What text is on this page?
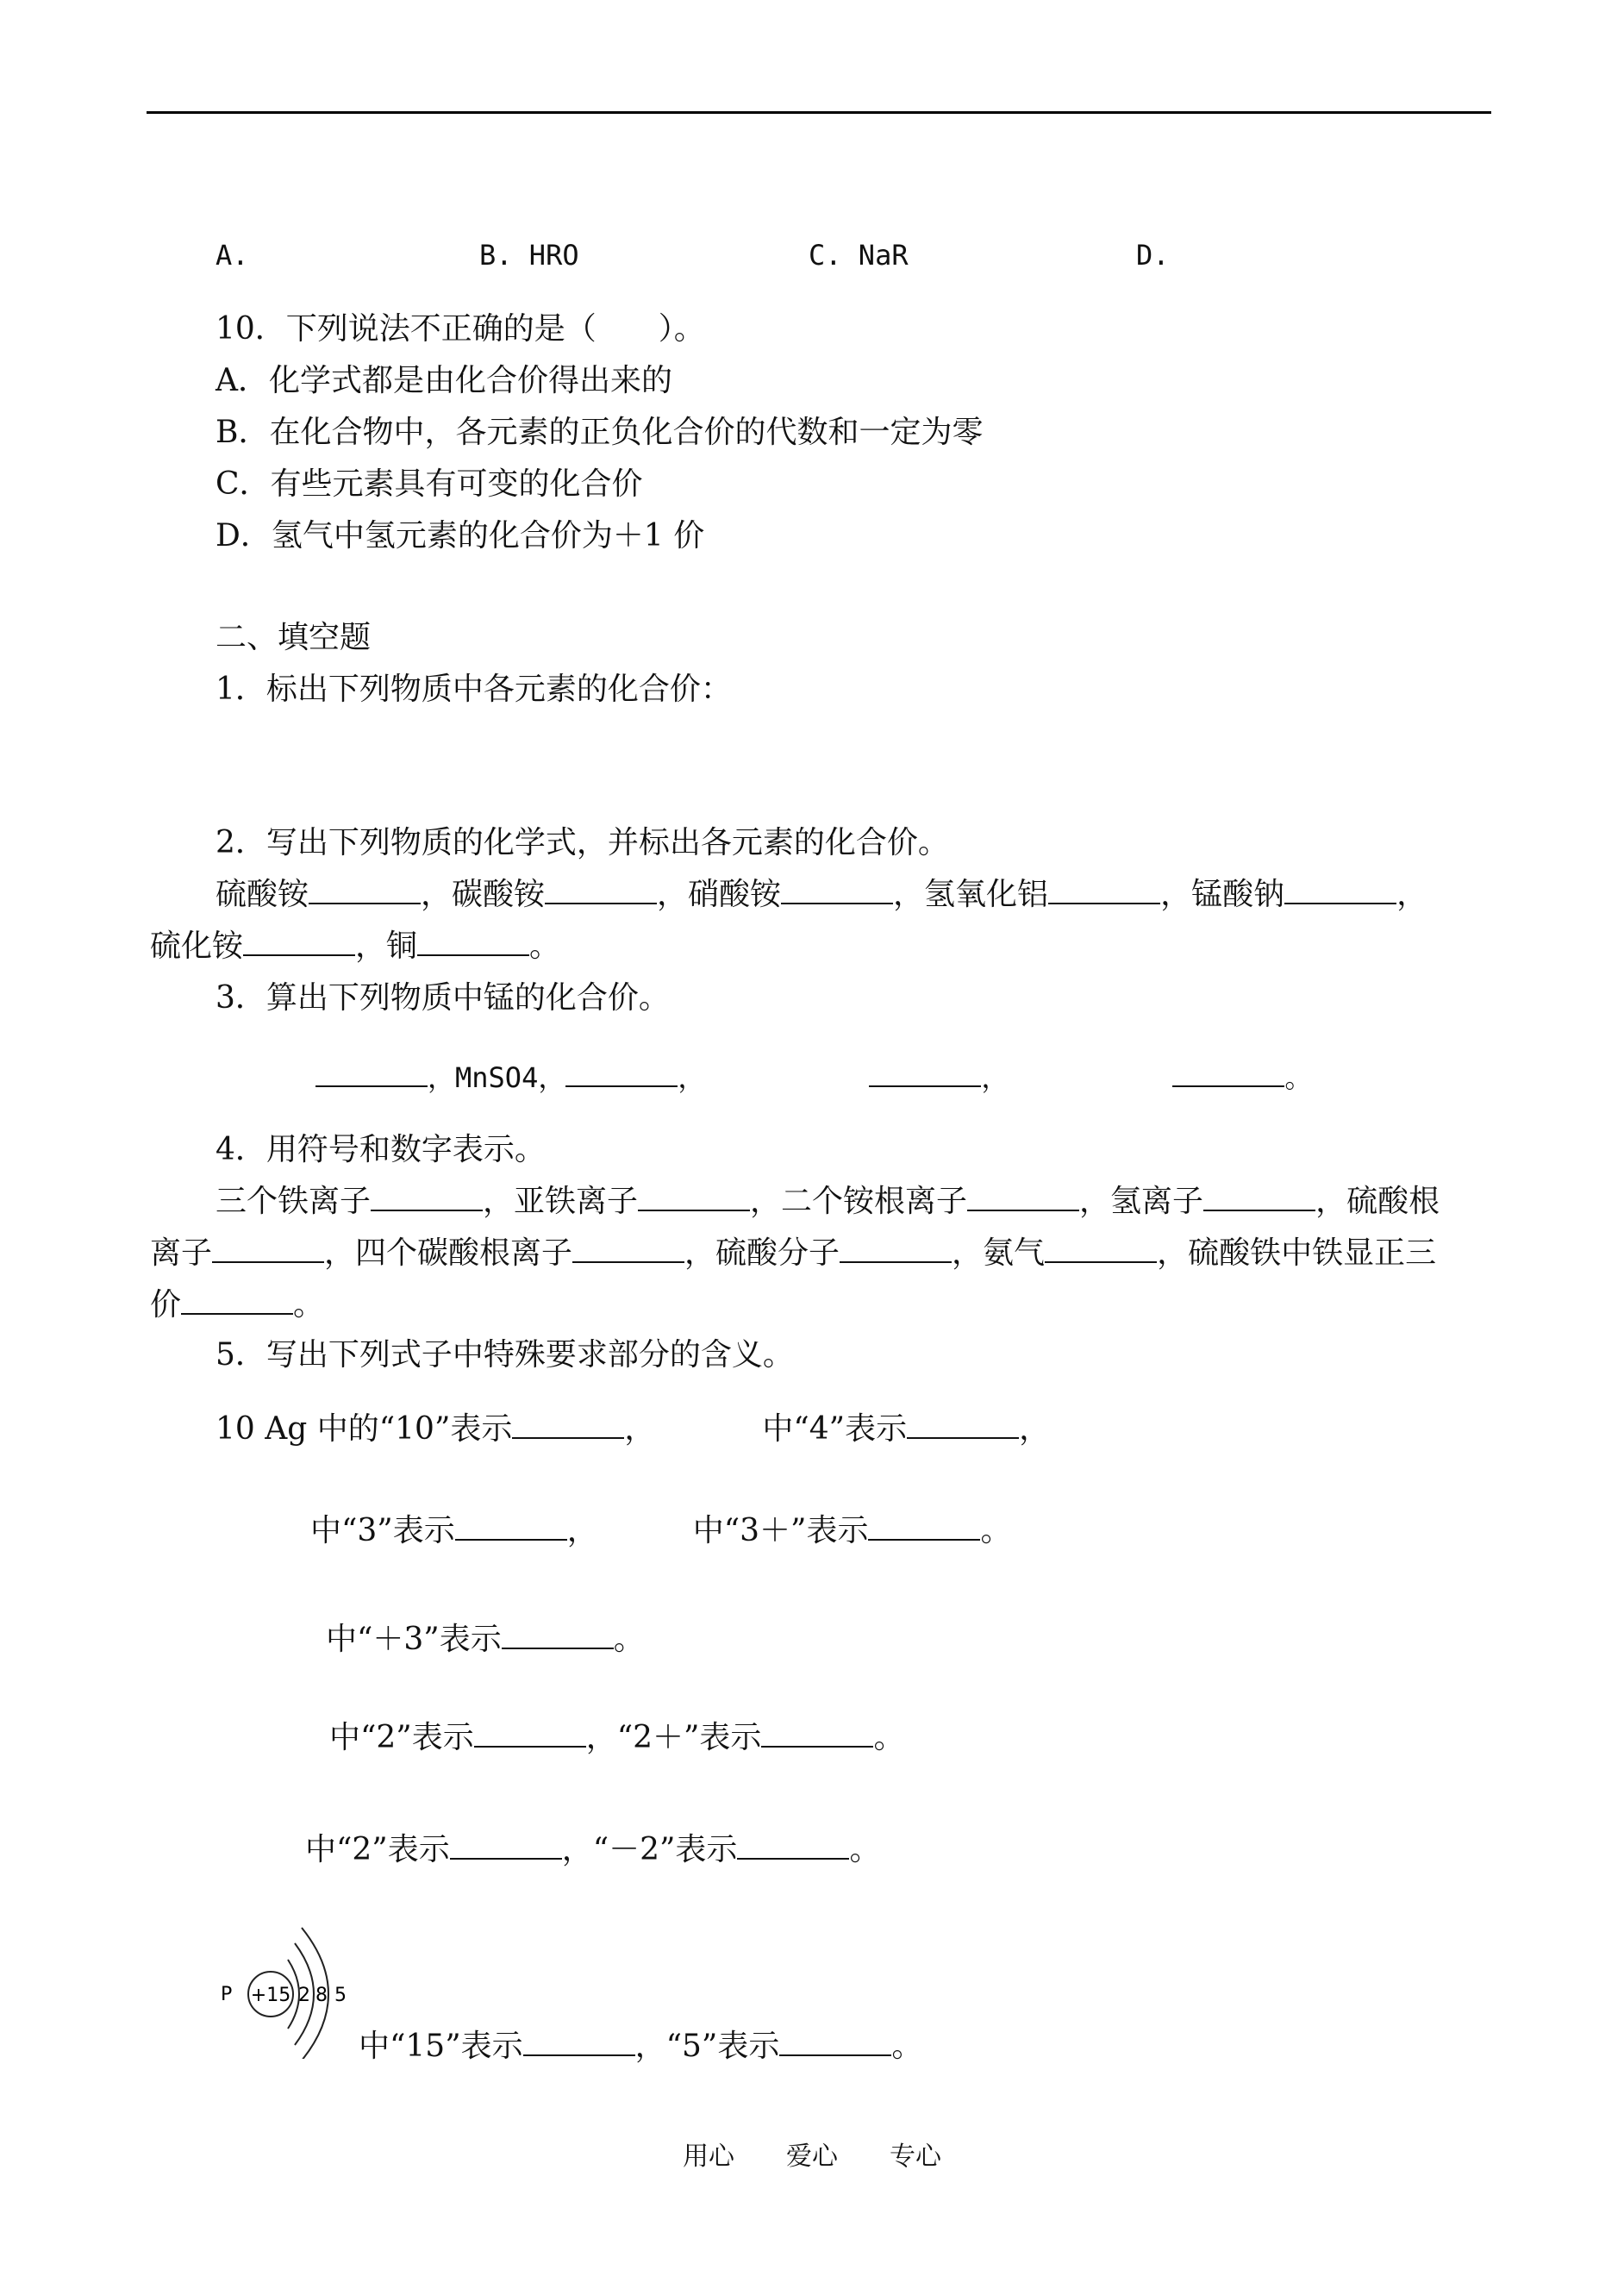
A.	B. HRO	C. NaR	D.
10．下列说法不正确的是（　　）。
A．化学式都是由化合价得出来的
B．在化合物中，各元素的正负化合价的代数和一定为零
C．有些元素具有可变的化合价
D．氢气中氢元素的化合价为＋1 价
二、填空题
1．标出下列物质中各元素的化合价：
2．写出下列物质的化学式，并标出各元素的化合价。
硫酸铵	，碳酸铵	，硝酸铵	，氢氧化铝	，锰酸钠	，
硫化铵	，铜	。
3．算出下列物质中锰的化合价。
，MnSO4，	，	，	。
4．用符号和数字表示。
三个铁离子	，亚铁离子	，二个铵根离子	，氢离子	，硫酸根
离子	，四个碳酸根离子	，硫酸分子	，氨气	，硫酸铁中铁显正三
价	。
5．写出下列式子中特殊要求部分的含义。
10 Ag 中的“10”表示	，	中“4”表示	，
中“3”表示	，	中“3＋”表示	。
中“＋3”表示	。
中“2”表示	，“2＋”表示	。
中“2”表示	，“－2”表示	。
P +15 2 8 5
中“15”表示	，“5”表示	。
用心 爱心 专心
